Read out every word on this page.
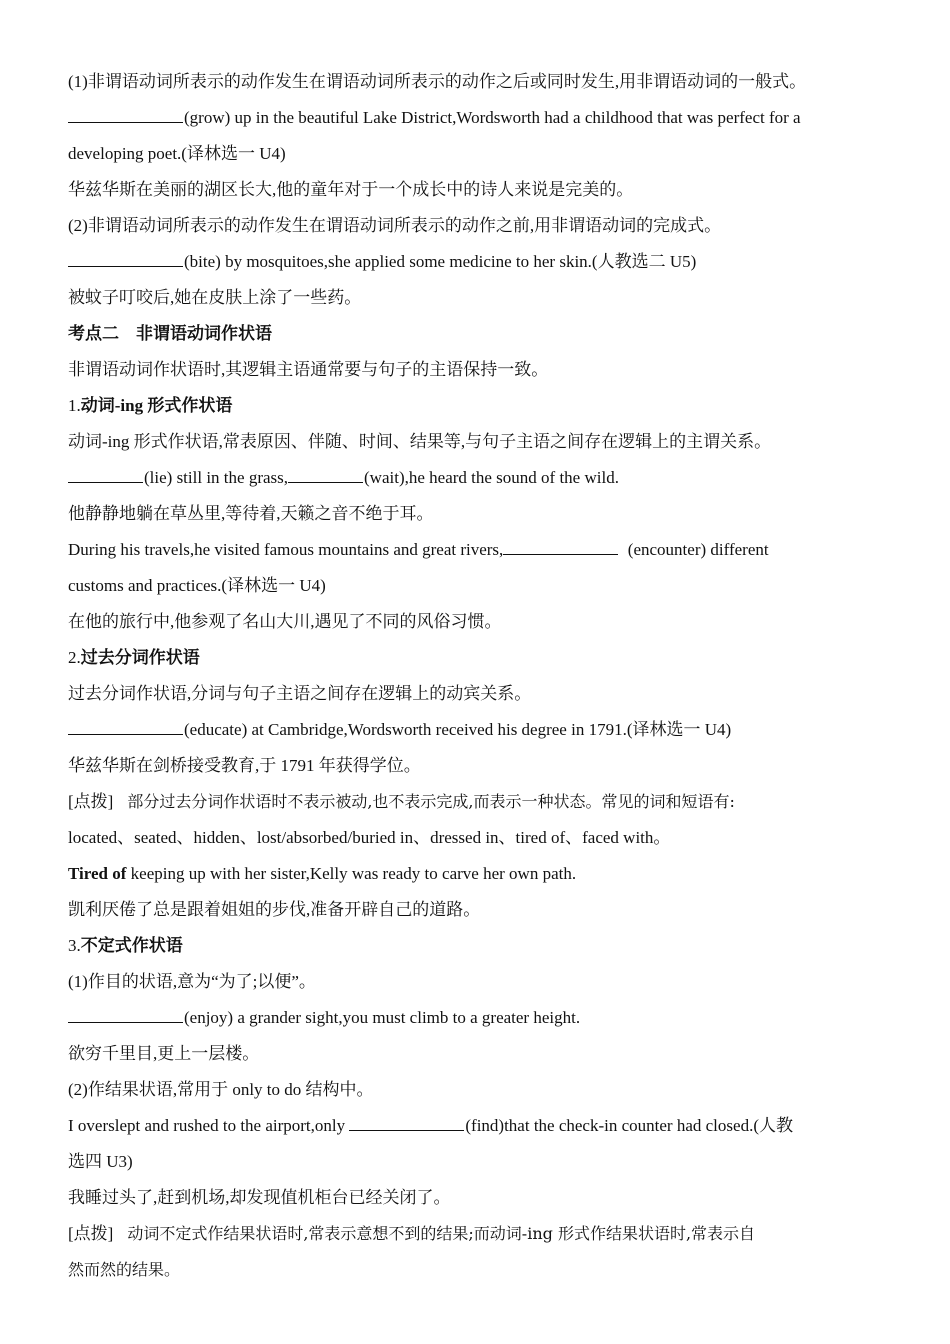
(1)非谓语动词所表示的动作发生在谓语动词所表示的动作之后或同时发生,用非谓语动词的一般式。
(grow) up in the beautiful Lake District,Wordsworth had a childhood that was perfect for a
developing poet.(译林选一 U4)
华兹华斯在美丽的湖区长大,他的童年对于一个成长中的诗人来说是完美的。
(2)非谓语动词所表示的动作发生在谓语动词所表示的动作之前,用非谓语动词的完成式。
(bite) by mosquitoes,she applied some medicine to her skin.(人教选二 U5)
被蚊子叮咬后,她在皮肤上涂了一些药。
考点二　非谓语动词作状语
非谓语动词作状语时,其逻辑主语通常要与句子的主语保持一致。
1.动词-ing 形式作状语
动词-ing 形式作状语,常表原因、伴随、时间、结果等,与句子主语之间存在逻辑上的主谓关系。
(lie) still in the grass,	(wait),he heard the sound of the wild.
他静静地躺在草丛里,等待着,天籁之音不绝于耳。
During his travels,he visited famous mountains and great rivers,	(encounter) different
customs and practices.(译林选一 U4)
在他的旅行中,他参观了名山大川,遇见了不同的风俗习惯。
2.过去分词作状语
过去分词作状语,分词与句子主语之间存在逻辑上的动宾关系。
(educate) at Cambridge,Wordsworth received his degree in 1791.(译林选一 U4)
华兹华斯在剑桥接受教育,于 1791 年获得学位。
[点拨] 部分过去分词作状语时不表示被动,也不表示完成,而表示一种状态。常见的词和短语有:
located、seated、hidden、lost/absorbed/buried in、dressed in、tired of、faced with。
Tired of keeping up with her sister,Kelly was ready to carve her own path.
凯利厌倦了总是跟着姐姐的步伐,准备开辟自己的道路。
3.不定式作状语
(1)作目的状语,意为“为了;以便”。
(enjoy) a grander sight,you must climb to a greater height.
欲穷千里目,更上一层楼。
(2)作结果状语,常用于 only to do 结构中。
I overslept and rushed to the airport,only	(find)that the check-in counter had closed.(人教
选四 U3)
我睡过头了,赶到机场,却发现值机柜台已经关闭了。
[点拨] 动词不定式作结果状语时,常表示意想不到的结果;而动词-ing 形式作结果状语时,常表示自
然而然的结果。
